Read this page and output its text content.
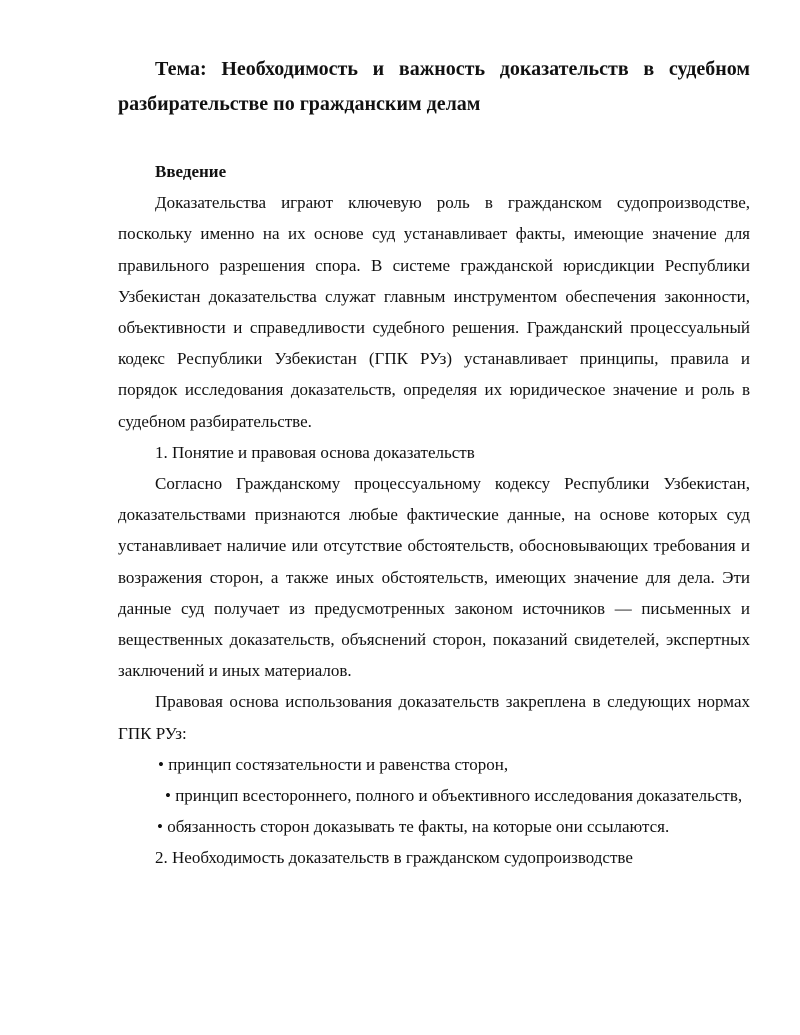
Тема: Необходимость и важность доказательств в судебном разбирательстве по гражданским делам

Введение

Доказательства играют ключевую роль в гражданском судопроизводстве, поскольку именно на их основе суд устанавливает факты, имеющие значение для правильного разрешения спора. В системе гражданской юрисдикции Республики Узбекистан доказательства служат главным инструментом обеспечения законности, объективности и справедливости судебного решения. Гражданский процессуальный кодекс Республики Узбекистан (ГПК РУз) устанавливает принципы, правила и порядок исследования доказательств, определяя их юридическое значение и роль в судебном разбирательстве.

1. Понятие и правовая основа доказательств

Согласно Гражданскому процессуальному кодексу Республики Узбекистан, доказательствами признаются любые фактические данные, на основе которых суд устанавливает наличие или отсутствие обстоятельств, обосновывающих требования и возражения сторон, а также иных обстоятельств, имеющих значение для дела. Эти данные суд получает из предусмотренных законом источников — письменных и вещественных доказательств, объяснений сторон, показаний свидетелей, экспертных заключений и иных материалов.

Правовая основа использования доказательств закреплена в следующих нормах ГПК РУз:

• принцип состязательности и равенства сторон,

• принцип всестороннего, полного и объективного исследования доказательств,

• обязанность сторон доказывать те факты, на которые они ссылаются.

2. Необходимость доказательств в гражданском судопроизводстве
